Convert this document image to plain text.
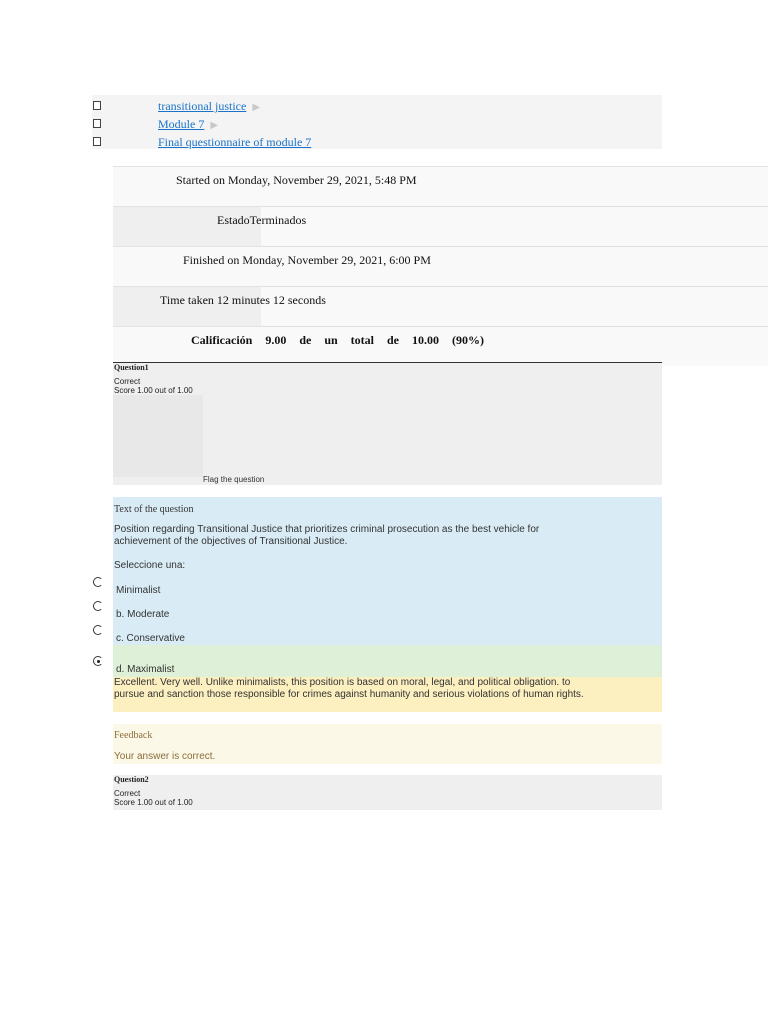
transitional justice ▶
Module 7 ▶
Final questionnaire of module 7
Started on Monday, November 29, 2021, 5:48 PM
EstadoTerminados
Finished on Monday, November 29, 2021, 6:00 PM
Time taken 12 minutes 12 seconds
Calificación 9.00 de un total de 10.00 (90%)
Question1
Correct
Score 1.00 out of 1.00
Flag the question
Text of the question
Position regarding Transitional Justice that prioritizes criminal prosecution as the best vehicle for achievement of the objectives of Transitional Justice.
Seleccione una:
Excellent. Very well. Unlike minimalists, this position is based on moral, legal, and political obligation. to pursue and sanction those responsible for crimes against humanity and serious violations of human rights.
Minimalist
b. Moderate
c. Conservative
d. Maximalist
Feedback
Your answer is correct.
Question2
Correct
Score 1.00 out of 1.00
